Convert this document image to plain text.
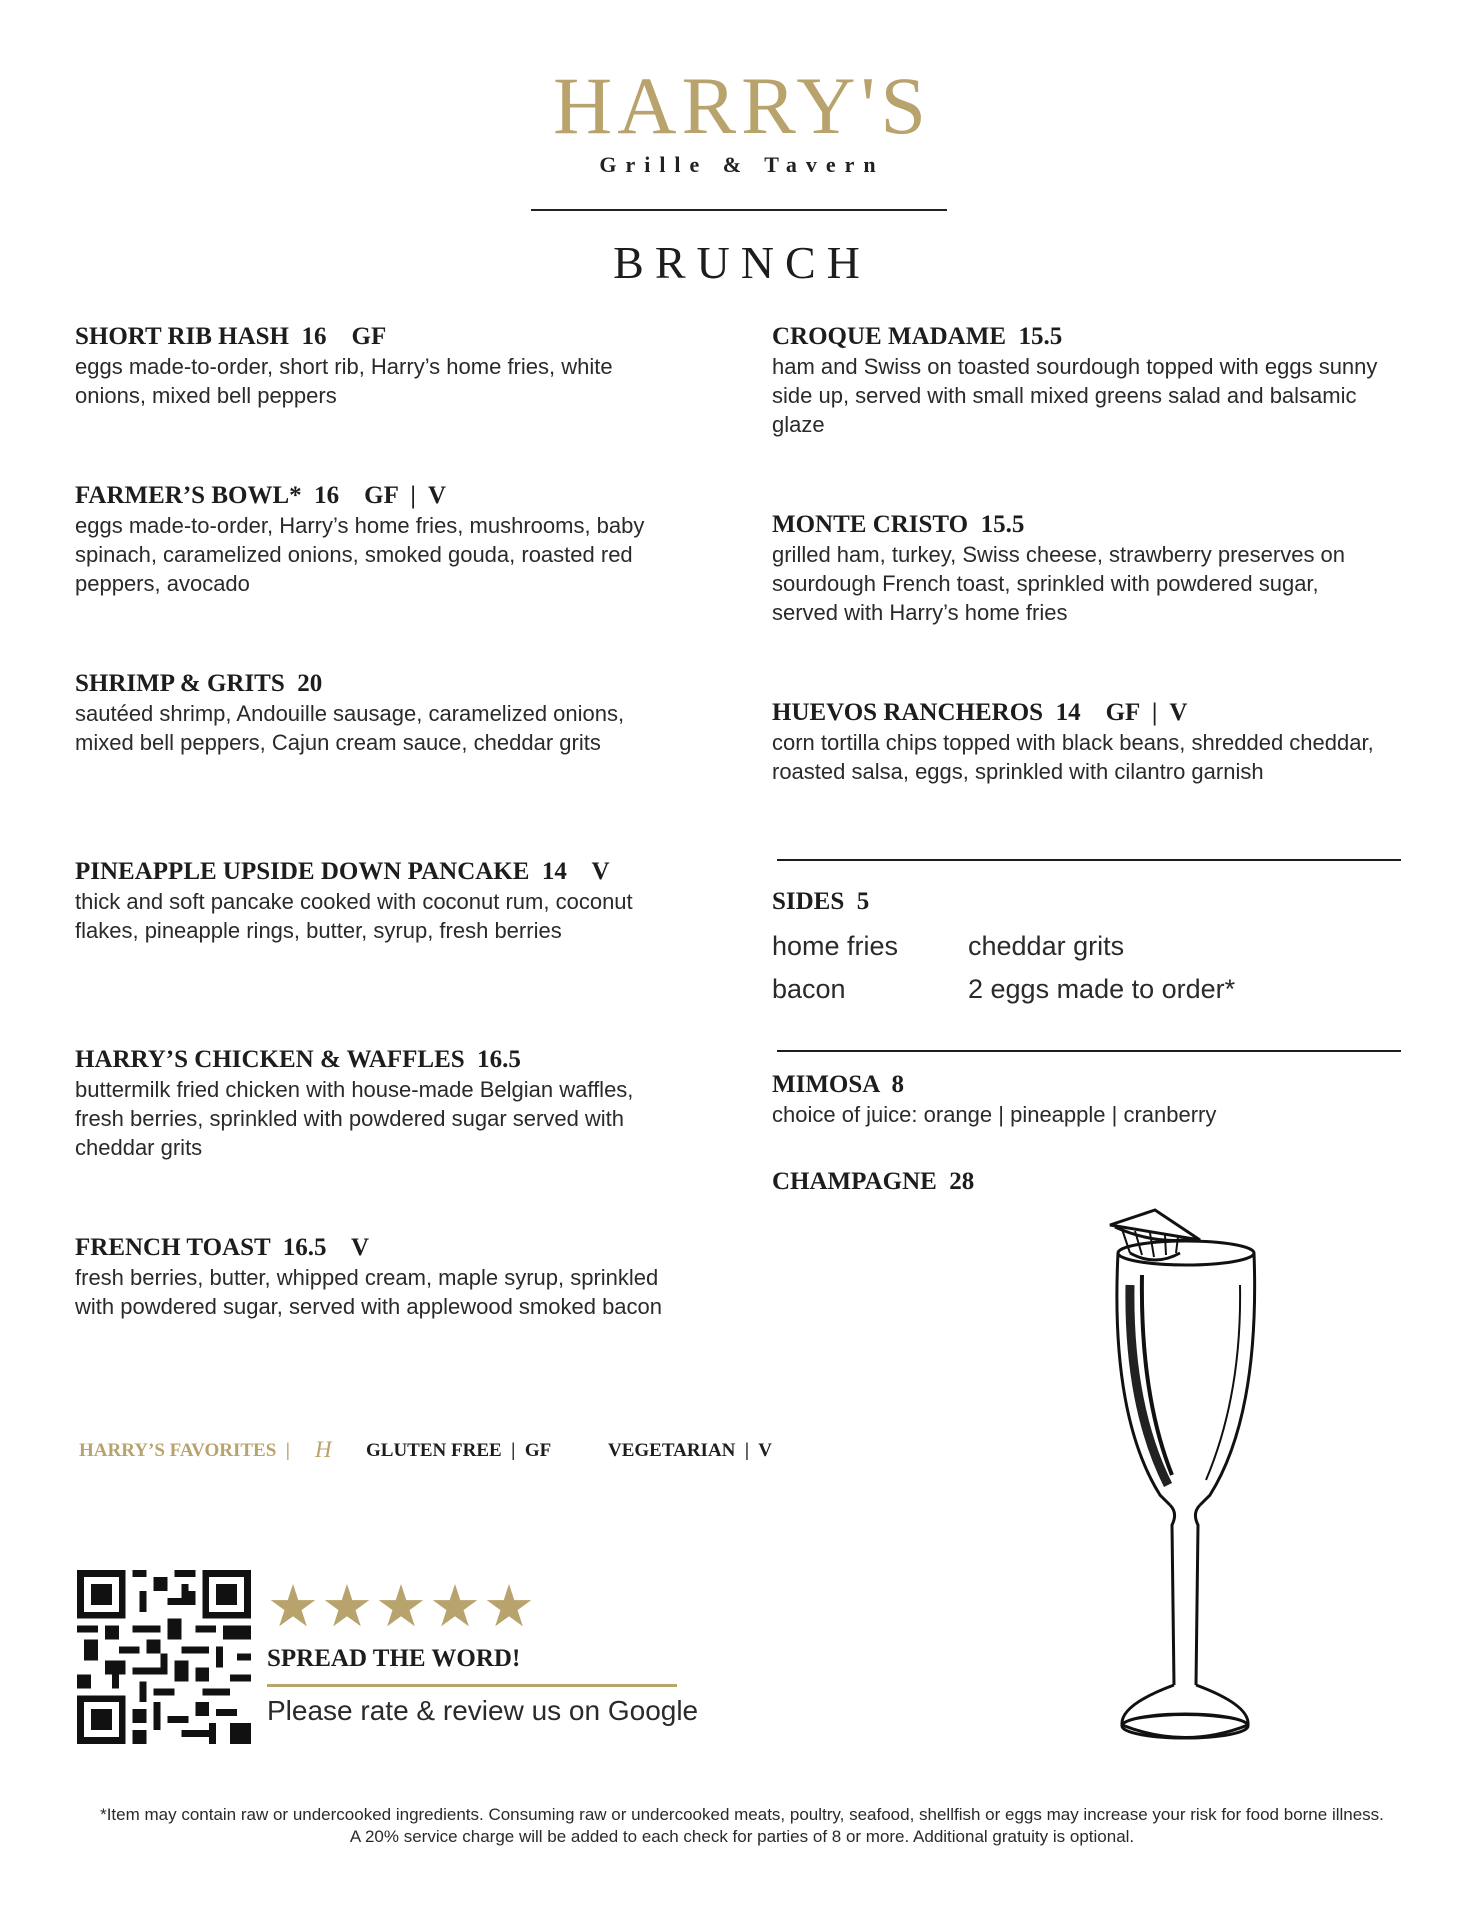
HARRY'S
Grille & Tavern
BRUNCH
SHORT RIB HASH  16    GF
eggs made-to-order, short rib, Harry’s home fries, white onions, mixed bell peppers
FARMER’S BOWL*  16    GF  |  V
eggs made-to-order, Harry’s home fries, mushrooms, baby spinach, caramelized onions, smoked gouda, roasted red peppers, avocado
SHRIMP & GRITS  20
sautéed shrimp, Andouille sausage, caramelized onions, mixed bell peppers, Cajun cream sauce, cheddar grits
PINEAPPLE UPSIDE DOWN PANCAKE  14    V
thick and soft pancake cooked with coconut rum, coconut flakes, pineapple rings, butter, syrup, fresh berries
HARRY’S CHICKEN & WAFFLES  16.5
buttermilk fried chicken with house-made Belgian waffles, fresh berries, sprinkled with powdered sugar served with cheddar grits
FRENCH TOAST  16.5    V
fresh berries, butter, whipped cream, maple syrup, sprinkled with powdered sugar, served with applewood smoked bacon
CROQUE MADAME  15.5
ham and Swiss on toasted sourdough topped with eggs sunny side up, served with small mixed greens salad and balsamic glaze
MONTE CRISTO  15.5
grilled ham, turkey, Swiss cheese, strawberry preserves on sourdough French toast, sprinkled with powdered sugar, served with Harry’s home fries
HUEVOS RANCHEROS  14    GF  |  V
corn tortilla chips topped with black beans, shredded cheddar, roasted salsa, eggs, sprinkled with cilantro garnish
SIDES  5
home fries	cheddar grits
bacon	2 eggs made to order*
MIMOSA  8
choice of juice: orange | pineapple | cranberry
CHAMPAGNE  28

HARRY’S FAVORITES  |

H

GLUTEN FREE  |  GF

	VEGETARIAN  |  V

★★★★★
SPREAD THE WORD!
Please rate & review us on Google
*Item may contain raw or undercooked ingredients. Consuming raw or undercooked meats, poultry, seafood, shellfish or eggs may increase your risk for food borne illness.
A 20% service charge will be added to each check for parties of 8 or more. Additional gratuity is optional.
